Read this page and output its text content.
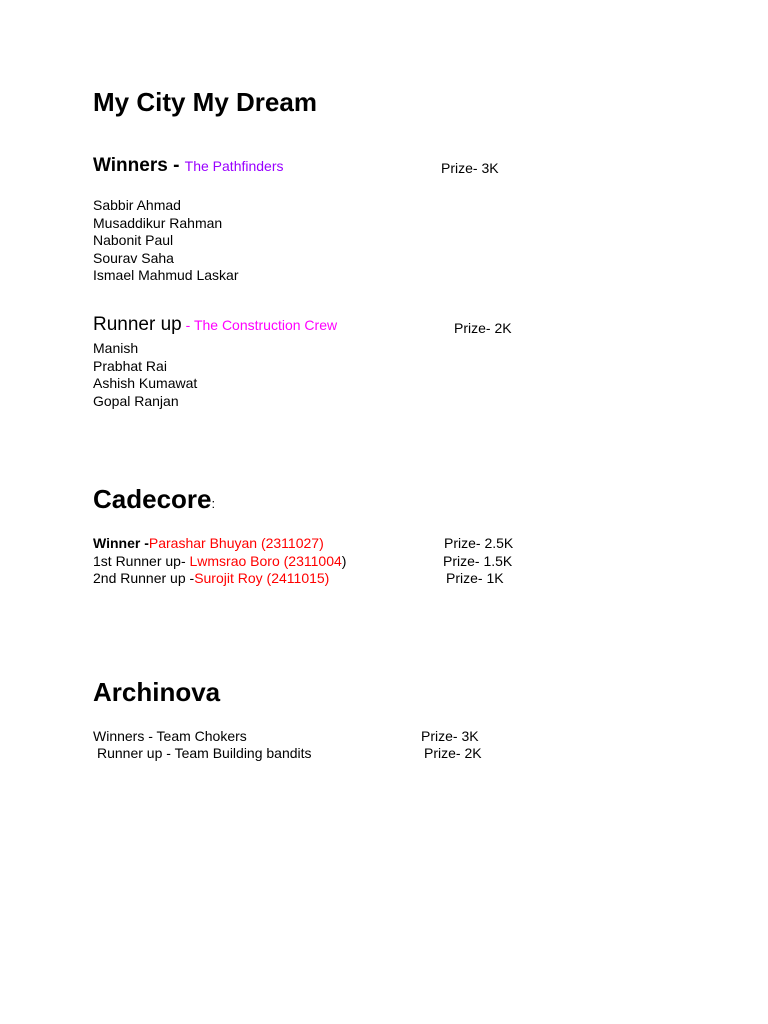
My City My Dream
Winners - The Pathfinders	Prize- 3K
Sabbir Ahmad
Musaddikur Rahman
Nabonit Paul
Sourav Saha
Ismael Mahmud Laskar
Runner up - The Construction Crew	Prize- 2K
Manish
Prabhat Rai
Ashish Kumawat
Gopal Ranjan
Cadecore:
Winner -Parashar Bhuyan (2311027)	Prize- 2.5K
1st Runner up- Lwmsrao Boro (2311004)	Prize- 1.5K
2nd Runner up -Surojit Roy (2411015)	Prize- 1K
Archinova
Winners - Team Chokers	Prize- 3K
Runner up - Team Building bandits	Prize- 2K
